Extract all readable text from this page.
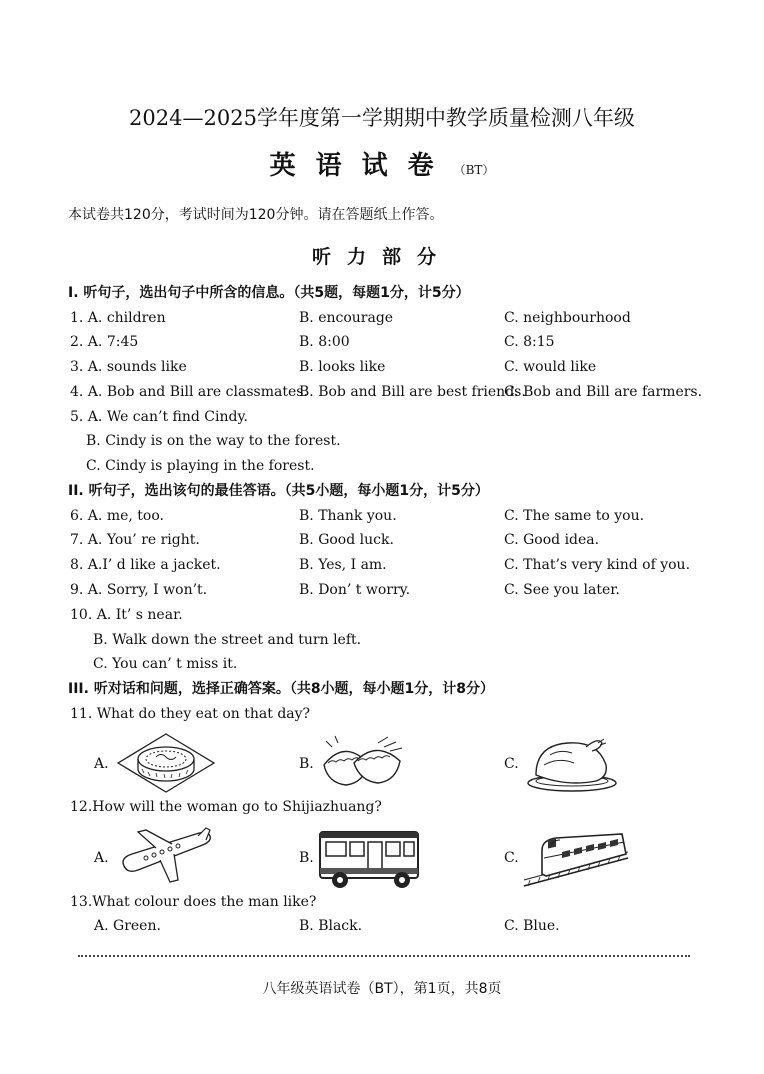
2024—2025学年度第一学期期中教学质量检测八年级
英语试卷（BT）
本试卷共120分，考试时间为120分钟。请在答题纸上作答。
听力部分
I. 听句子，选出句子中所含的信息。（共5题，每题1分，计5分）
1. A. children	B. encourage	C. neighbourhood
2. A. 7:45	B. 8:00	C. 8:15
3. A. sounds like	B. looks like	C. would like
4. A. Bob and Bill are classmates.
B. Bob and Bill are best friends.
C. Bob and Bill are farmers.
5. A. We can’t find Cindy.
B. Cindy is on the way to the forest.
C. Cindy is playing in the forest.
II. 听句子，选出该句的最佳答语。（共5小题，每小题1分，计5分）
6. A. me, too.	B. Thank you.	C. The same to you.
7. A. You’ re right.	B. Good luck.	C. Good idea.
8. A.I’ d like a jacket.	B. Yes, I am.	C. That’s very kind of you.
9. A. Sorry, I won’t.	B. Don’ t worry.	C. See you later.
10. A. It’ s near.
B. Walk down the street and turn left.
C. You can’ t miss it.
III. 听对话和问题，选择正确答案。（共8小题，每小题1分，计8分）
11. What do they eat on that day?
A.	B.	C.
12.How will the woman go to Shijiazhuang?
A.	B.	C.
13.What colour does the man like?
A. Green.	B. Black.	C. Blue.
八年级英语试卷（BT），第1页，共8页
